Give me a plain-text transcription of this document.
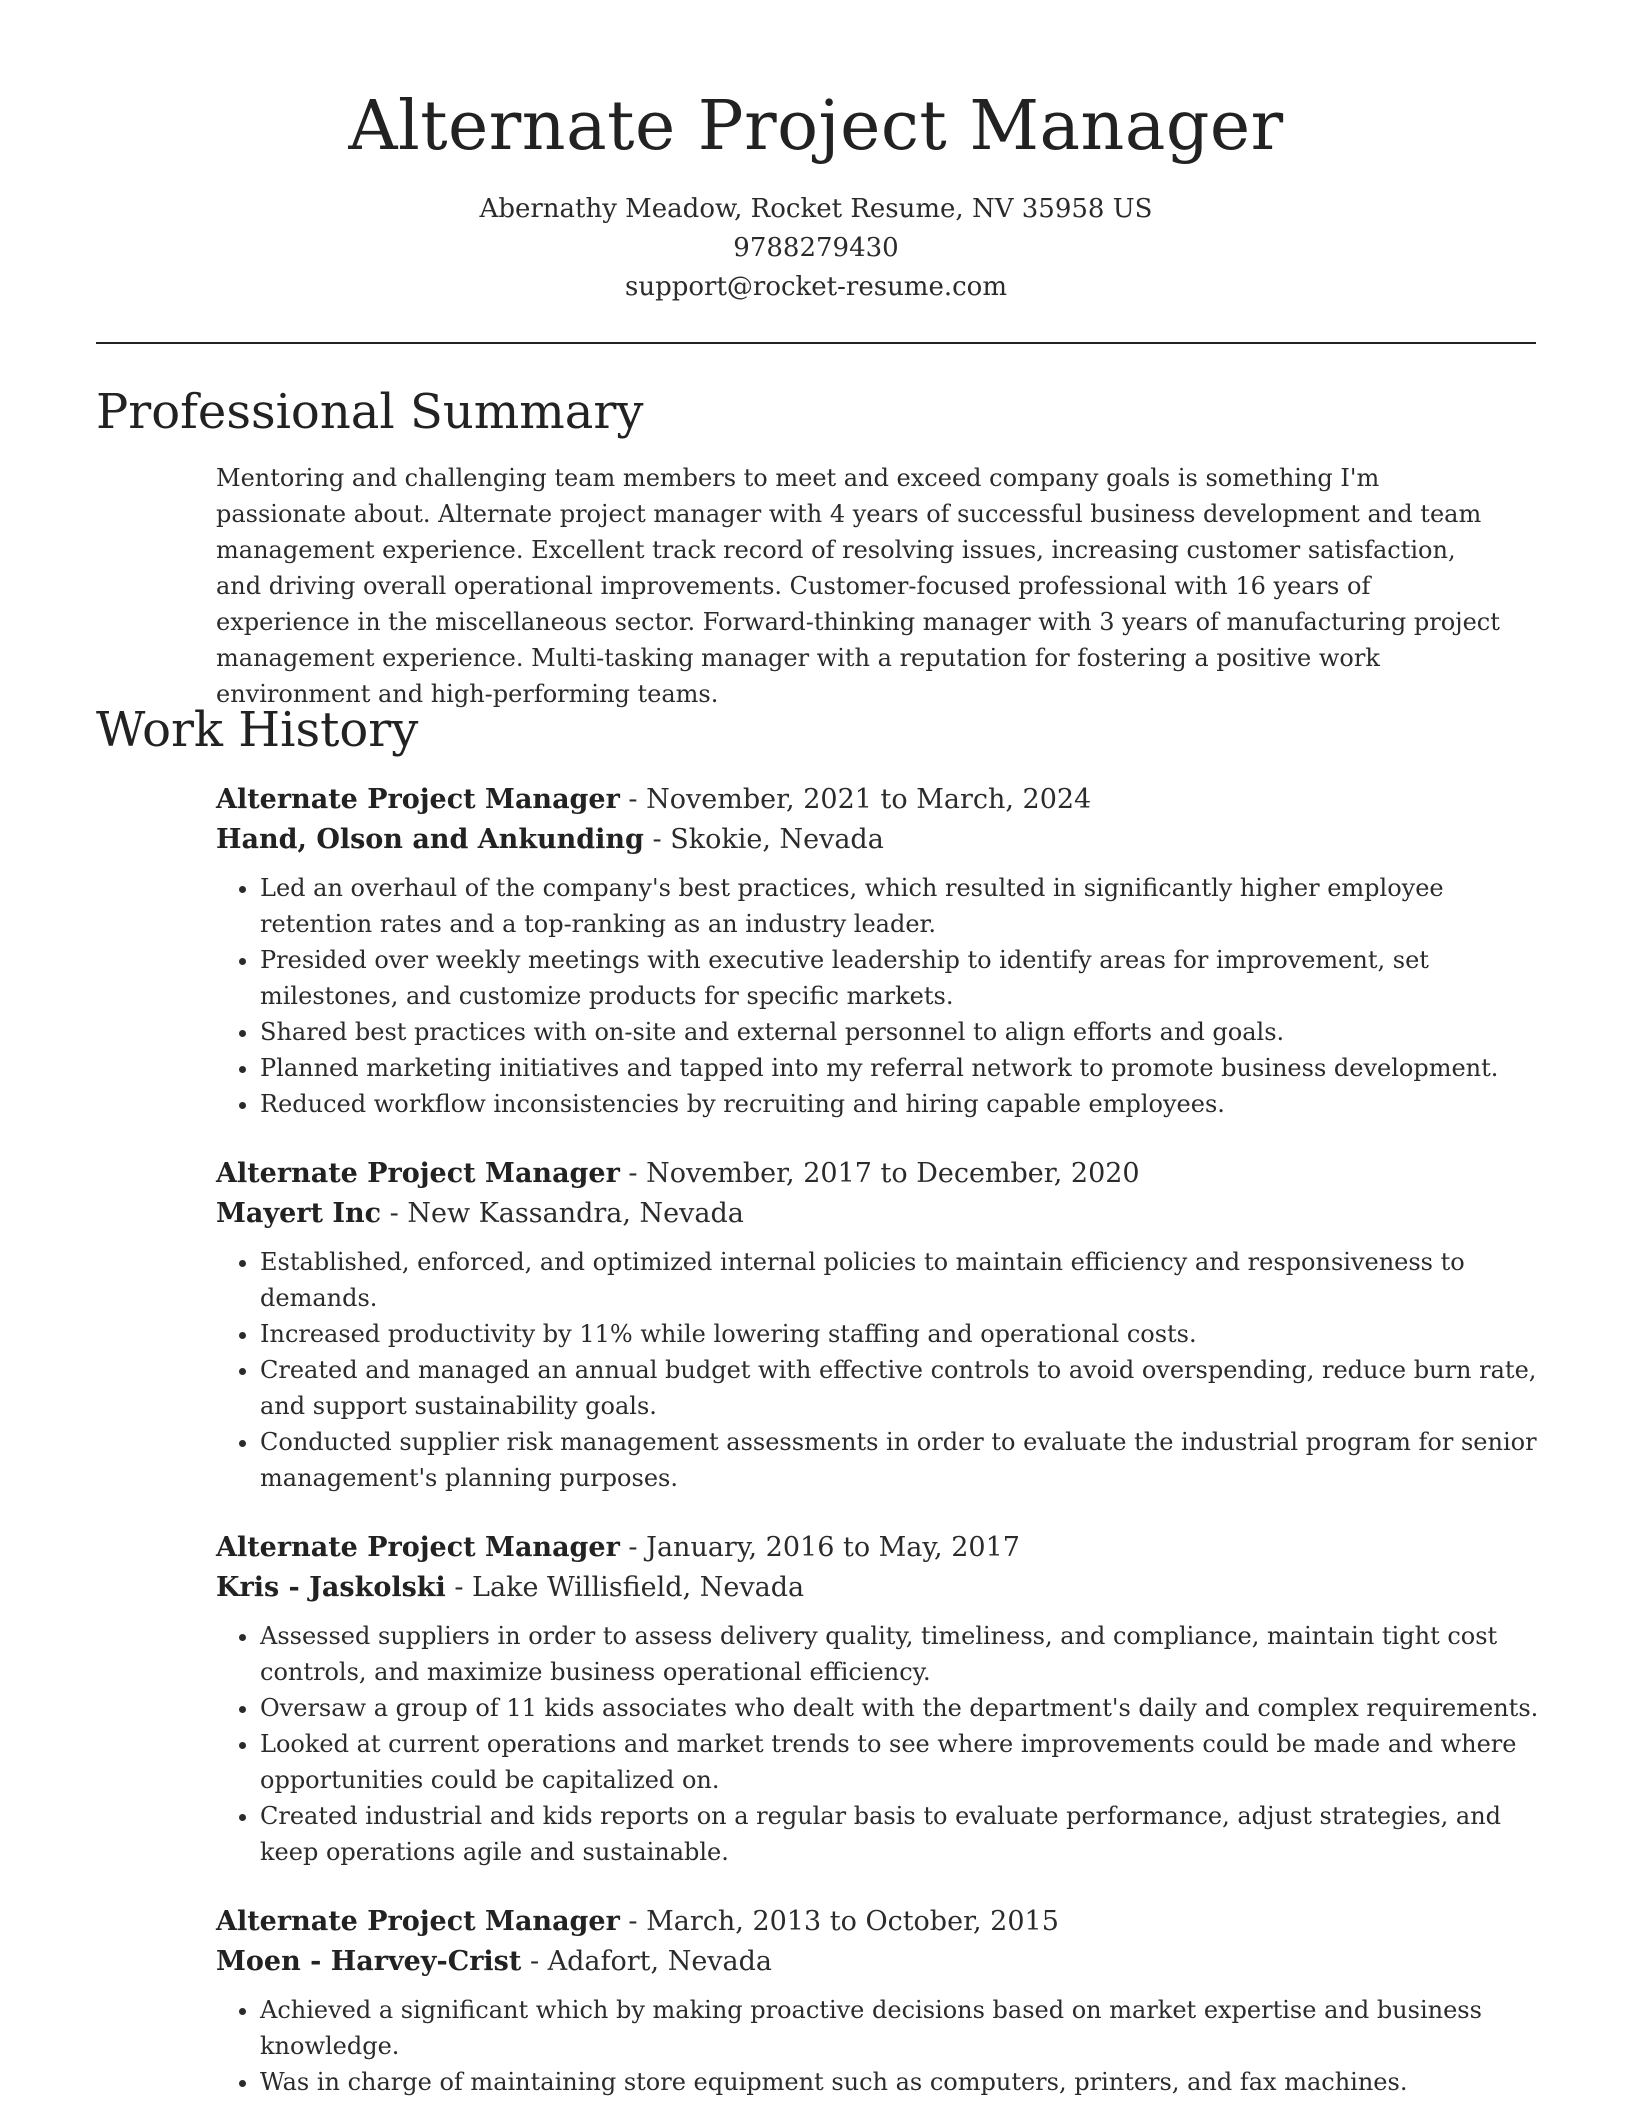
Alternate Project Manager
Abernathy Meadow, Rocket Resume, NV 35958 US
9788279430
support@rocket-resume.com
Professional Summary
Mentoring and challenging team members to meet and exceed company goals is something I'm passionate about. Alternate project manager with 4 years of successful business development and team management experience. Excellent track record of resolving issues, increasing customer satisfaction, and driving overall operational improvements. Customer-focused professional with 16 years of experience in the miscellaneous sector. Forward-thinking manager with 3 years of manufacturing project management experience. Multi-tasking manager with a reputation for fostering a positive work environment and high-performing teams.
Work History
Alternate Project Manager - November, 2021 to March, 2024
Hand, Olson and Ankunding - Skokie, Nevada
• Led an overhaul of the company's best practices, which resulted in significantly higher employee retention rates and a top-ranking as an industry leader.
• Presided over weekly meetings with executive leadership to identify areas for improvement, set milestones, and customize products for specific markets.
• Shared best practices with on-site and external personnel to align efforts and goals.
• Planned marketing initiatives and tapped into my referral network to promote business development.
• Reduced workflow inconsistencies by recruiting and hiring capable employees.
Alternate Project Manager - November, 2017 to December, 2020
Mayert Inc - New Kassandra, Nevada
• Established, enforced, and optimized internal policies to maintain efficiency and responsiveness to demands.
• Increased productivity by 11% while lowering staffing and operational costs.
• Created and managed an annual budget with effective controls to avoid overspending, reduce burn rate, and support sustainability goals.
• Conducted supplier risk management assessments in order to evaluate the industrial program for senior management's planning purposes.
Alternate Project Manager - January, 2016 to May, 2017
Kris - Jaskolski - Lake Willisfield, Nevada
• Assessed suppliers in order to assess delivery quality, timeliness, and compliance, maintain tight cost controls, and maximize business operational efficiency.
• Oversaw a group of 11 kids associates who dealt with the department's daily and complex requirements.
• Looked at current operations and market trends to see where improvements could be made and where opportunities could be capitalized on.
• Created industrial and kids reports on a regular basis to evaluate performance, adjust strategies, and keep operations agile and sustainable.
Alternate Project Manager - March, 2013 to October, 2015
Moen - Harvey-Crist - Adafort, Nevada
• Achieved a significant which by making proactive decisions based on market expertise and business knowledge.
• Was in charge of maintaining store equipment such as computers, printers, and fax machines.
